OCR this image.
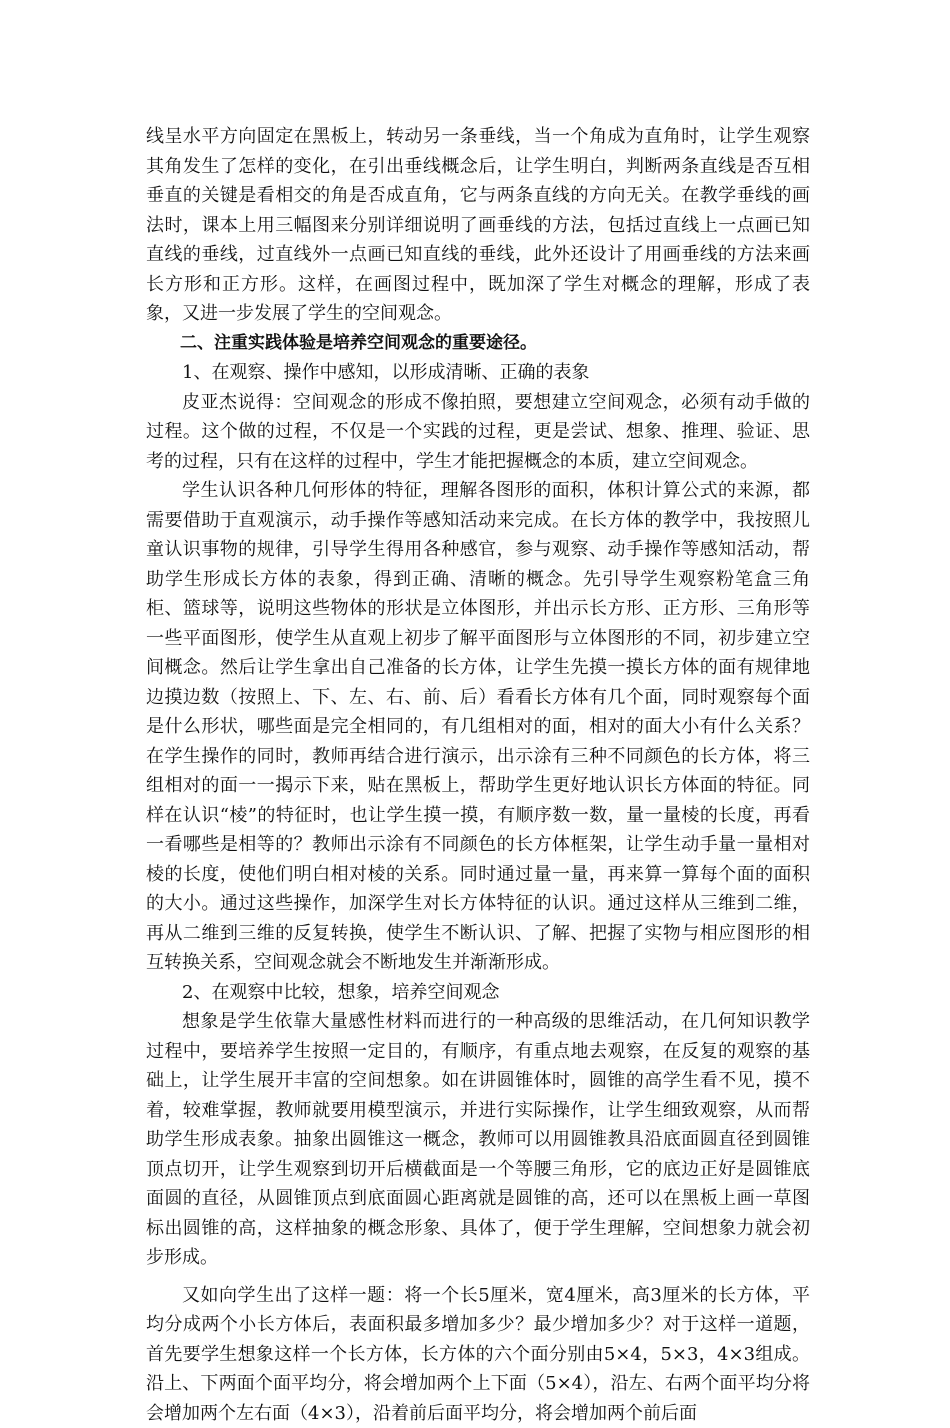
线呈水平方向固定在黑板上，转动另一条垂线，当一个角成为直角时，让学生观察其角发生了怎样的变化，在引出垂线概念后，让学生明白，判断两条直线是否互相垂直的关键是看相交的角是否成直角，它与两条直线的方向无关。在教学垂线的画法时，课本上用三幅图来分别详细说明了画垂线的方法，包括过直线上一点画已知直线的垂线，过直线外一点画已知直线的垂线，此外还设计了用画垂线的方法来画长方形和正方形。这样，在画图过程中，既加深了学生对概念的理解，形成了表象，又进一步发展了学生的空间观念。

二、注重实践体验是培养空间观念的重要途径。

1、在观察、操作中感知，以形成清晰、正确的表象

皮亚杰说得：空间观念的形成不像拍照，要想建立空间观念，必须有动手做的过程。这个做的过程，不仅是一个实践的过程，更是尝试、想象、推理、验证、思考的过程，只有在这样的过程中，学生才能把握概念的本质，建立空间观念。

学生认识各种几何形体的特征，理解各图形的面积，体积计算公式的来源，都需要借助于直观演示，动手操作等感知活动来完成。在长方体的教学中，我按照儿童认识事物的规律，引导学生得用各种感官，参与观察、动手操作等感知活动，帮助学生形成长方体的表象，得到正确、清晰的概念。先引导学生观察粉笔盒三角柜、篮球等，说明这些物体的形状是立体图形，并出示长方形、正方形、三角形等一些平面图形，使学生从直观上初步了解平面图形与立体图形的不同，初步建立空间概念。然后让学生拿出自己准备的长方体，让学生先摸一摸长方体的面有规律地边摸边数（按照上、下、左、右、前、后）看看长方体有几个面，同时观察每个面是什么形状，哪些面是完全相同的，有几组相对的面，相对的面大小有什么关系？在学生操作的同时，教师再结合进行演示，出示涂有三种不同颜色的长方体，将三组相对的面一一揭示下来，贴在黑板上，帮助学生更好地认识长方体面的特征。同样在认识“棱”的特征时，也让学生摸一摸，有顺序数一数，量一量棱的长度，再看一看哪些是相等的？教师出示涂有不同颜色的长方体框架，让学生动手量一量相对棱的长度，使他们明白相对棱的关系。同时通过量一量，再来算一算每个面的面积的大小。通过这些操作，加深学生对长方体特征的认识。通过这样从三维到二维，再从二维到三维的反复转换，使学生不断认识、了解、把握了实物与相应图形的相互转换关系，空间观念就会不断地发生并渐渐形成。

2、在观察中比较，想象，培养空间观念

想象是学生依靠大量感性材料而进行的一种高级的思维活动，在几何知识教学过程中，要培养学生按照一定目的，有顺序，有重点地去观察，在反复的观察的基础上，让学生展开丰富的空间想象。如在讲圆锥体时，圆锥的高学生看不见，摸不着，较难掌握，教师就要用模型演示，并进行实际操作，让学生细致观察，从而帮助学生形成表象。抽象出圆锥这一概念，教师可以用圆锥教具沿底面圆直径到圆锥顶点切开，让学生观察到切开后横截面是一个等腰三角形，它的底边正好是圆锥底面圆的直径，从圆锥顶点到底面圆心距离就是圆锥的高，还可以在黑板上画一草图标出圆锥的高，这样抽象的概念形象、具体了，便于学生理解，空间想象力就会初步形成。

又如向学生出了这样一题：将一个长5厘米，宽4厘米，高3厘米的长方体，平均分成两个小长方体后，表面积最多增加多少？最少增加多少？对于这样一道题，首先要学生想象这样一个长方体，长方体的六个面分别由5×4，5×3，4×3组成。沿上、下两面个面平均分，将会增加两个上下面（5×4），沿左、右两个面平均分将会增加两个左右面（4×3），沿着前后面平均分，将会增加两个前后面
